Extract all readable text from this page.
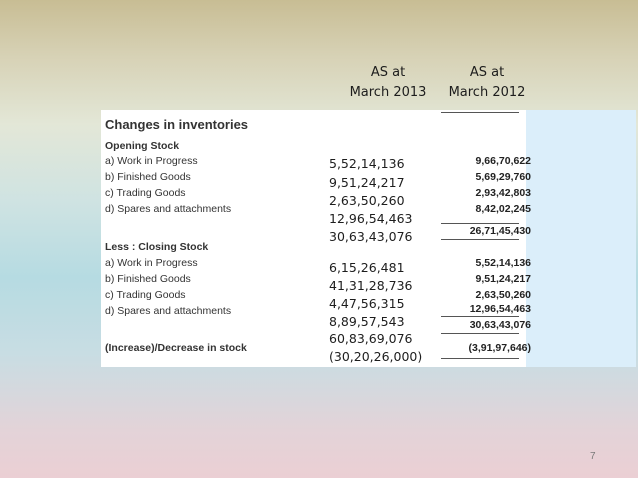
AS at
March 2013
AS at
March 2012
Changes in inventories
Opening Stock
a) Work in Progress
b) Finished Goods
c) Trading Goods
d) Spares and attachments
Less : Closing Stock
a) Work in Progress
b) Finished Goods
c) Trading Goods
d) Spares and attachments
(Increase)/Decrease in stock
9,66,70,622
5,69,29,760
2,93,42,803
8,42,02,245
26,71,45,430
5,52,14,136
9,51,24,217
2,63,50,260
12,96,54,463
30,63,43,076
(3,91,97,646)
5,52,14,136
9,51,24,217
2,63,50,260
12,96,54,463
30,63,43,076
6,15,26,481
41,31,28,736
4,47,56,315
8,89,57,543
60,83,69,076
(30,20,26,000)
7
